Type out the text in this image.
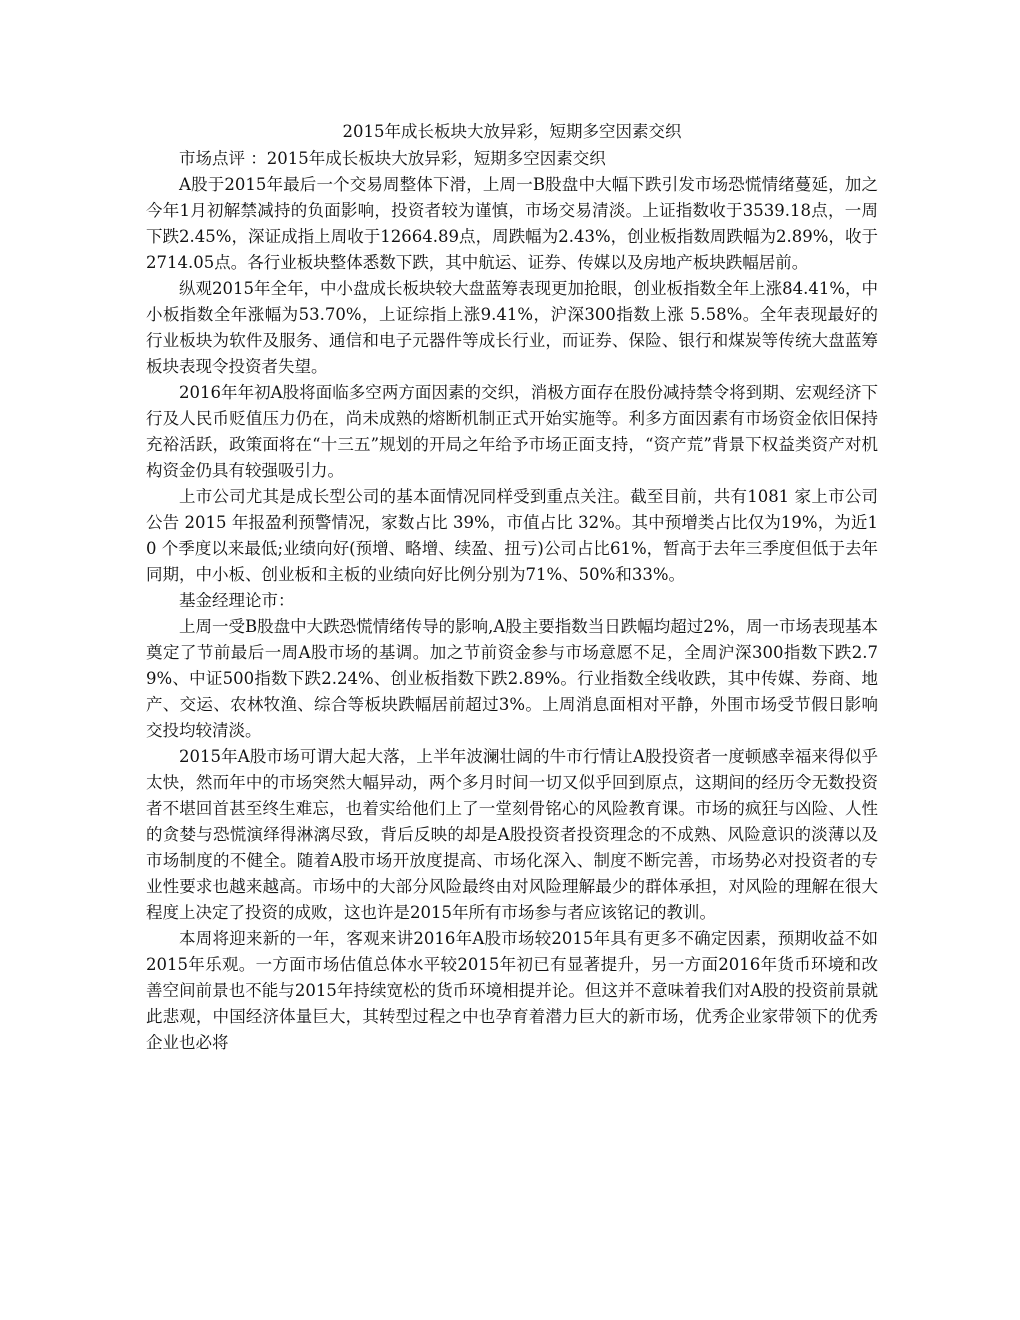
2015年成长板块大放异彩，短期多空因素交织

市场点评 ：2015年成长板块大放异彩，短期多空因素交织

A股于2015年最后一个交易周整体下滑，上周一B股盘中大幅下跌引发市场恐慌情绪蔓延，加之今年1月初解禁减持的负面影响，投资者较为谨慎，市场交易清淡。上证指数收于3539.18点，一周下跌2.45%，深证成指上周收于12664.89点，周跌幅为2.43%，创业板指数周跌幅为2.89%，收于2714.05点。各行业板块整体悉数下跌，其中航运、证券、传媒以及房地产板块跌幅居前。

纵观2015年全年，中小盘成长板块较大盘蓝筹表现更加抢眼，创业板指数全年上涨84.41%，中小板指数全年涨幅为53.70%，上证综指上涨9.41%，沪深300指数上涨 5.58%。全年表现最好的行业板块为软件及服务、通信和电子元器件等成长行业，而证券、保险、银行和煤炭等传统大盘蓝筹板块表现令投资者失望。

2016年年初A股将面临多空两方面因素的交织，消极方面存在股份减持禁令将到期、宏观经济下行及人民币贬值压力仍在，尚未成熟的熔断机制正式开始实施等。利多方面因素有市场资金依旧保持充裕活跃，政策面将在“十三五”规划的开局之年给予市场正面支持，“资产荒”背景下权益类资产对机构资金仍具有较强吸引力。

上市公司尤其是成长型公司的基本面情况同样受到重点关注。截至目前，共有1081 家上市公司公告 2015 年报盈利预警情况，家数占比 39%，市值占比 32%。其中预增类占比仅为19%，为近10 个季度以来最低;业绩向好(预增、略增、续盈、扭亏)公司占比61%，暂高于去年三季度但低于去年同期，中小板、创业板和主板的业绩向好比例分别为71%、50%和33%。

基金经理论市：

上周一受B股盘中大跌恐慌情绪传导的影响,A股主要指数当日跌幅均超过2%，周一市场表现基本奠定了节前最后一周A股市场的基调。加之节前资金参与市场意愿不足，全周沪深300指数下跌2.79%、中证500指数下跌2.24%、创业板指数下跌2.89%。行业指数全线收跌，其中传媒、券商、地产、交运、农林牧渔、综合等板块跌幅居前超过3%。上周消息面相对平静，外围市场受节假日影响交投均较清淡。

2015年A股市场可谓大起大落，上半年波澜壮阔的牛市行情让A股投资者一度顿感幸福来得似乎太快，然而年中的市场突然大幅异动，两个多月时间一切又似乎回到原点，这期间的经历令无数投资者不堪回首甚至终生难忘，也着实给他们上了一堂刻骨铭心的风险教育课。市场的疯狂与凶险、人性的贪婪与恐慌演绎得淋漓尽致，背后反映的却是A股投资者投资理念的不成熟、风险意识的淡薄以及市场制度的不健全。随着A股市场开放度提高、市场化深入、制度不断完善，市场势必对投资者的专业性要求也越来越高。市场中的大部分风险最终由对风险理解最少的群体承担，对风险的理解在很大程度上决定了投资的成败，这也许是2015年所有市场参与者应该铭记的教训。

本周将迎来新的一年，客观来讲2016年A股市场较2015年具有更多不确定因素，预期收益不如2015年乐观。一方面市场估值总体水平较2015年初已有显著提升，另一方面2016年货币环境和改善空间前景也不能与2015年持续宽松的货币环境相提并论。但这并不意味着我们对A股的投资前景就此悲观，中国经济体量巨大，其转型过程之中也孕育着潜力巨大的新市场，优秀企业家带领下的优秀企业也必将
